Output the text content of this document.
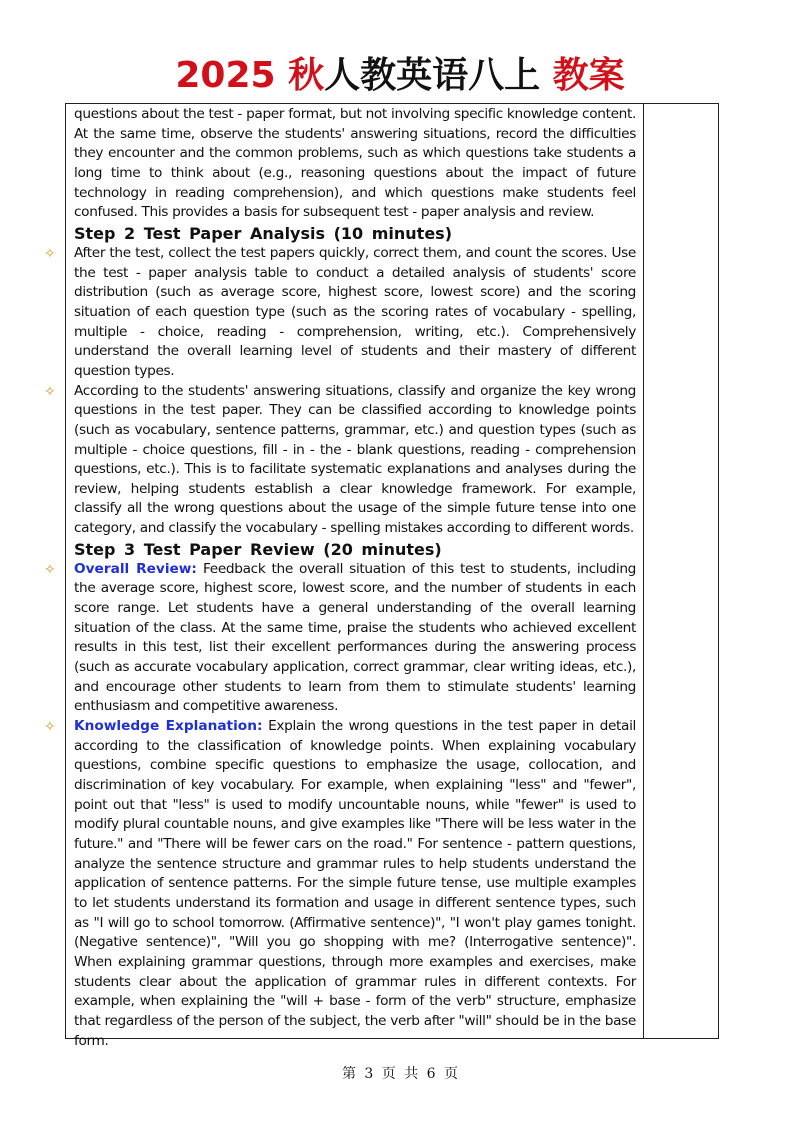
2025 秋人教英语八上 教案

questions about the test - paper format, but not involving specific knowledge content. At the same time, observe the students' answering situations, record the difficulties they encounter and the common problems, such as which questions take students a long time to think about (e.g., reasoning questions about the impact of future technology in reading comprehension), and which questions make students feel confused. This provides a basis for subsequent test - paper analysis and review.

Step 2 Test Paper Analysis (10 minutes)

✧ After the test, collect the test papers quickly, correct them, and count the scores. Use the test - paper analysis table to conduct a detailed analysis of students' score distribution (such as average score, highest score, lowest score) and the scoring situation of each question type (such as the scoring rates of vocabulary - spelling, multiple - choice, reading - comprehension, writing, etc.). Comprehensively understand the overall learning level of students and their mastery of different question types.

✧ According to the students' answering situations, classify and organize the key wrong questions in the test paper. They can be classified according to knowledge points (such as vocabulary, sentence patterns, grammar, etc.) and question types (such as multiple - choice questions, fill - in - the - blank questions, reading - comprehension questions, etc.). This is to facilitate systematic explanations and analyses during the review, helping students establish a clear knowledge framework. For example, classify all the wrong questions about the usage of the simple future tense into one category, and classify the vocabulary - spelling mistakes according to different words.

Step 3 Test Paper Review (20 minutes)

✧ Overall Review: Feedback the overall situation of this test to students, including the average score, highest score, lowest score, and the number of students in each score range. Let students have a general understanding of the overall learning situation of the class. At the same time, praise the students who achieved excellent results in this test, list their excellent performances during the answering process (such as accurate vocabulary application, correct grammar, clear writing ideas, etc.), and encourage other students to learn from them to stimulate students' learning enthusiasm and competitive awareness.

✧ Knowledge Explanation: Explain the wrong questions in the test paper in detail according to the classification of knowledge points. When explaining vocabulary questions, combine specific questions to emphasize the usage, collocation, and discrimination of key vocabulary. For example, when explaining "less" and "fewer", point out that "less" is used to modify uncountable nouns, while "fewer" is used to modify plural countable nouns, and give examples like "There will be less water in the future." and "There will be fewer cars on the road." For sentence - pattern questions, analyze the sentence structure and grammar rules to help students understand the application of sentence patterns. For the simple future tense, use multiple examples to let students understand its formation and usage in different sentence types, such as "I will go to school tomorrow. (Affirmative sentence)", "I won't play games tonight. (Negative sentence)", "Will you go shopping with me? (Interrogative sentence)". When explaining grammar questions, through more examples and exercises, make students clear about the application of grammar rules in different contexts. For example, when explaining the "will + base - form of the verb" structure, emphasize that regardless of the person of the subject, the verb after "will" should be in the base form.

第 3 页 共 6 页
